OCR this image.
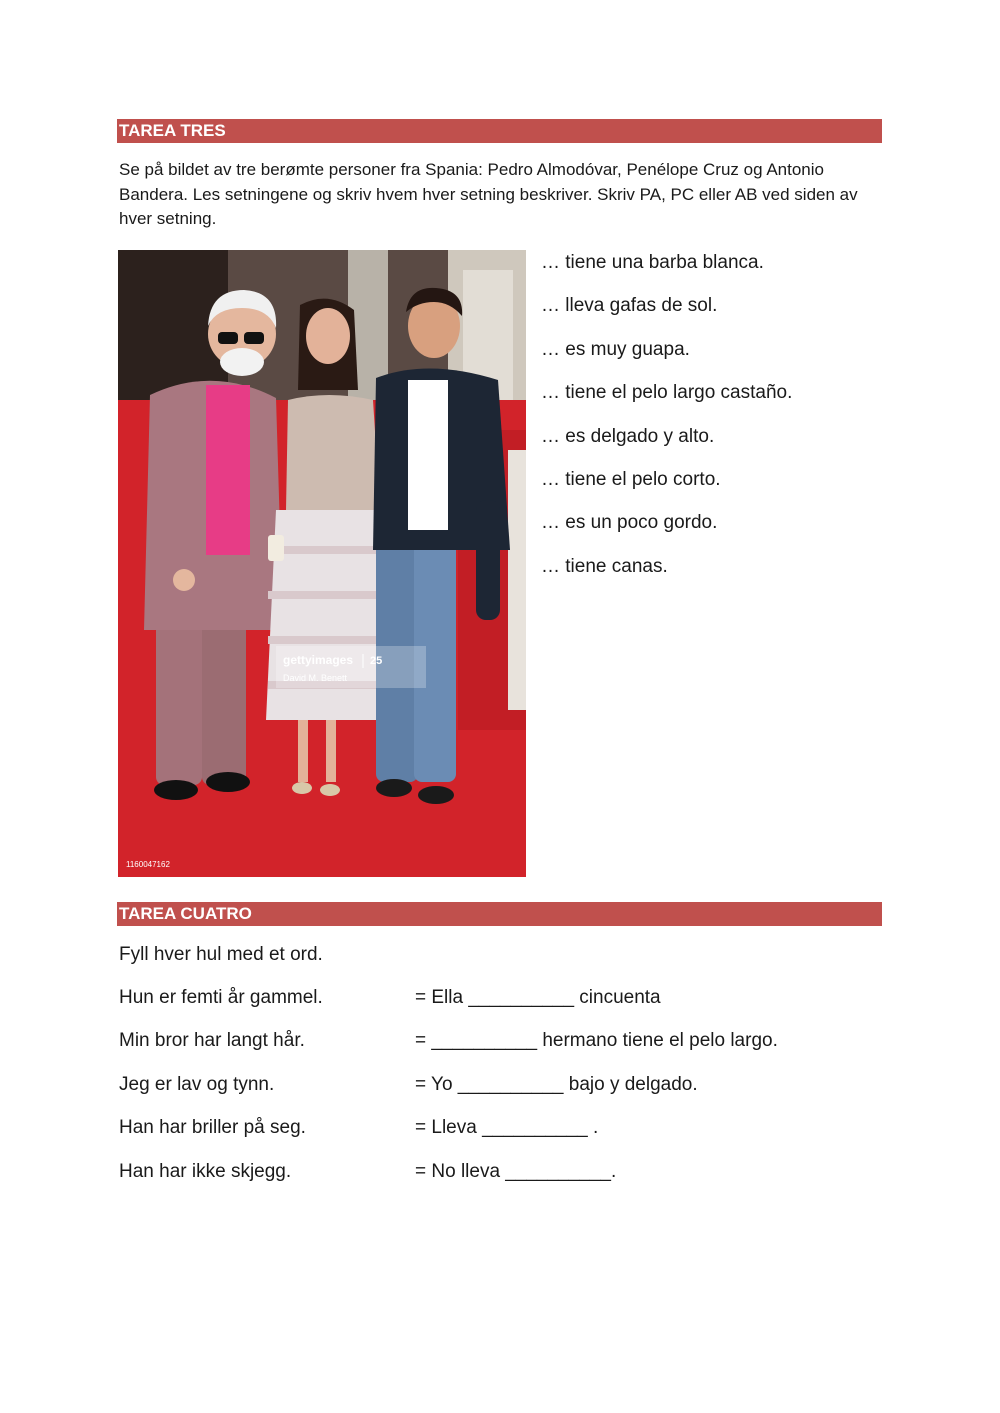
TAREA TRES

Se på bildet av tre berømte personer fra Spania: Pedro Almodóvar, Penélope Cruz og Antonio Bandera. Les setningene og skriv hvem hver setning beskriver. Skriv PA, PC eller AB ved siden av hver setning.

gettyimages 25
David M. Benett
1160047162
… tiene una barba blanca.
… lleva gafas de sol.
… es muy guapa.
… tiene el pelo largo castaño.
… es delgado y alto.
… tiene el pelo corto.
… es un poco gordo.
… tiene canas.
TAREA CUATRO
Fyll hver hul med et ord.
Hun er femti år gammel.	= Ella __________ cincuenta
Min bror har langt hår.	= __________ hermano tiene el pelo largo.
Jeg er lav og tynn.	= Yo __________ bajo y delgado.
Han har briller på seg.	= Lleva __________ .
Han har ikke skjegg.	= No lleva __________.
